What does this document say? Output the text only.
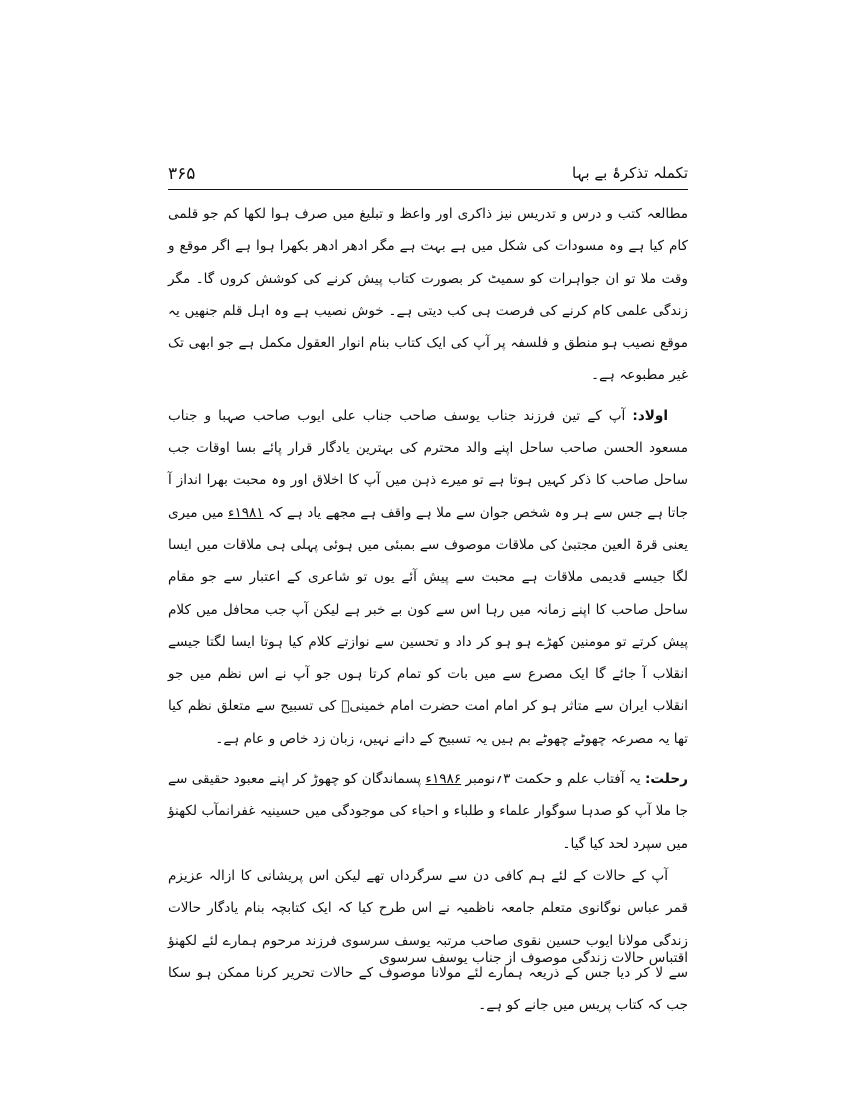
۳۶۵	تکملہ تذکرۂ بے بہا

مطالعہ کتب و درس و تدریس نیز ذاکری اور واعظ و تبلیغ میں صرف ہوا لکھا کم جو قلمی کام کیا ہے وہ مسودات کی شکل میں ہے بہت ہے مگر ادھر ادھر بکھرا ہوا ہے اگر موقع و وقت ملا تو ان جواہرات کو سمیٹ کر بصورت کتاب پیش کرنے کی کوشش کروں گا۔ مگر زندگی علمی کام کرنے کی فرصت ہی کب دیتی ہے۔ خوش نصیب ہے وہ اہل قلم جنھیں یہ موقع نصیب ہو منطق و فلسفہ پر آپ کی ایک کتاب بنام انوار العقول مکمل ہے جو ابھی تک غیر مطبوعہ ہے۔

اولاد: آپ کے تین فرزند جناب یوسف صاحب جناب علی ایوب صاحب صہبا و جناب مسعود الحسن صاحب ساحل اپنے والد محترم کی بہترین یادگار قرار پائے بسا اوقات جب ساحل صاحب کا ذکر کہیں ہوتا ہے تو میرے ذہن میں آپ کا اخلاق اور وہ محبت بھرا انداز آ جاتا ہے جس سے ہر وہ شخص جوان سے ملا ہے واقف ہے مجھے یاد ہے کہ ۱۹۸۱ء میں میری یعنی قرۃ العین مجتبیٰ کی ملاقات موصوف سے بمبئی میں ہوئی پہلی ہی ملاقات میں ایسا لگا جیسے قدیمی ملاقات ہے محبت سے پیش آئے یوں تو شاعری کے اعتبار سے جو مقام ساحل صاحب کا اپنے زمانہ میں رہا اس سے کون بے خبر ہے لیکن آپ جب محافل میں کلام پیش کرتے تو مومنین کھڑے ہو ہو کر داد و تحسین سے نوازتے کلام کیا ہوتا ایسا لگتا جیسے انقلاب آ جائے گا ایک مصرع سے میں بات کو تمام کرتا ہوں جو آپ نے اس نظم میں جو انقلاب ایران سے متاثر ہو کر امام امت حضرت امام خمینیؒ کی تسبیح سے متعلق نظم کیا تھا یہ مصرعہ چھوٹے چھوٹے بم ہیں یہ تسبیح کے دانے نہیں، زبان زد خاص و عام ہے۔

رحلت: یہ آفتاب علم و حکمت ۳؍نومبر ۱۹۸۶ء پسماندگان کو چھوڑ کر اپنے معبود حقیقی سے جا ملا آپ کو صدہا سوگوار علماء و طلباء و احباء کی موجودگی میں حسینیہ غفرانمآب لکھنؤ میں سپرد لحد کیا گیا۔

آپ کے حالات کے لئے ہم کافی دن سے سرگرداں تھے لیکن اس پریشانی کا ازالہ عزیزم قمر عباس نوگانوی متعلم جامعہ ناظمیہ نے اس طرح کیا کہ ایک کتابچہ بنام یادگار حالات زندگی مولانا ایوب حسین نقوی صاحب مرتبہ یوسف سرسوی فرزند مرحوم ہمارے لئے لکھنؤ سے لا کر دیا جس کے ذریعہ ہمارے لئے مولانا موصوف کے حالات تحریر کرنا ممکن ہو سکا جب کہ کتاب پریس میں جانے کو ہے۔

اقتباس حالات زندگی موصوف از جناب یوسف سرسوی
